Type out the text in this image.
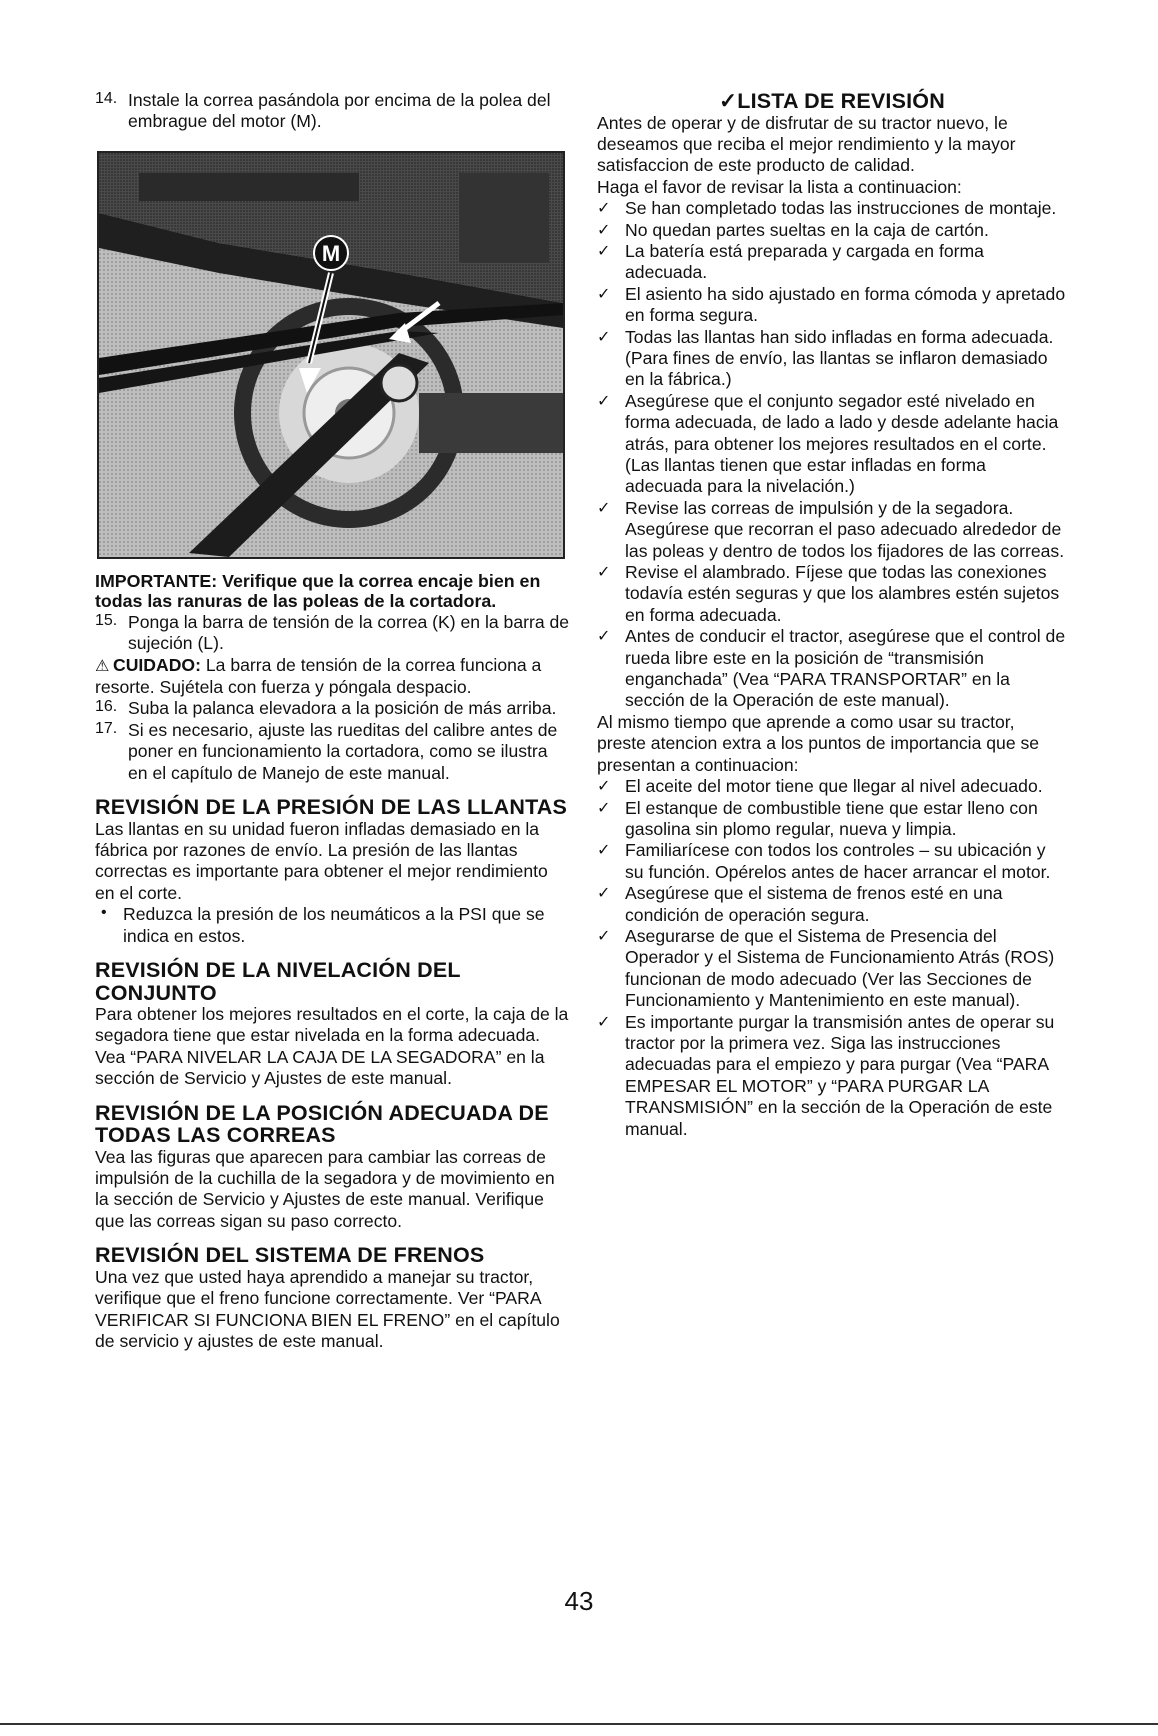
14. Instale la correa pasándola por encima de la polea del embrague del motor (M).

M

IMPORTANTE: Verifique que la correa encaje bien en todas las ranuras de las poleas de la cortadora.

15. Ponga la barra de tensión de la correa (K) en la barra de sujeción (L).

⚠ CUIDADO: La barra de tensión de la correa funciona a resorte. Sujétela con fuerza y póngala despacio.

16. Suba la palanca elevadora a la posición de más arriba.

17. Si es necesario, ajuste las rueditas del calibre antes de poner en funcionamiento la cortadora, como se ilustra en el capítulo de Manejo de este manual.

REVISIÓN DE LA PRESIÓN DE LAS LLANTAS

Las llantas en su unidad fueron infladas demasiado en la fábrica por razones de envío. La presión de las llantas correctas es importante para obtener el mejor rendimiento en el corte.

• Reduzca la presión de los neumáticos a la PSI que se indica en estos.

REVISIÓN DE LA NIVELACIÓN DEL CONJUNTO

Para obtener los mejores resultados en el corte, la caja de la segadora tiene que estar nivelada en la forma adecuada. Vea “PARA NIVELAR LA CAJA DE LA SEGADORA” en la sección de Servicio y Ajustes de este manual.

REVISIÓN DE LA POSICIÓN ADECUADA DE TODAS LAS CORREAS

Vea las figuras que aparecen para cambiar las correas de impulsión de la cuchilla de la segadora y de movimiento en la sección de Servicio y Ajustes de este manual. Verifique que las correas sigan su paso correcto.

REVISIÓN DEL SISTEMA DE FRENOS

Una vez que usted haya aprendido a manejar su tractor, verifique que el freno funcione correctamente. Ver “PARA VERIFICAR SI FUNCIONA BIEN EL FRENO” en el capítulo de servicio y ajustes de este manual.

✓LISTA DE REVISIÓN

Antes de operar y de disfrutar de su tractor nuevo, le deseamos que reciba el mejor rendimiento y la mayor satisfaccion de este producto de calidad.

Haga el favor de revisar la lista a continuacion:

✓ Se han completado todas las instrucciones de montaje.

✓ No quedan partes sueltas en la caja de cartón.

✓ La batería está preparada y cargada en forma adecuada.

✓ El asiento ha sido ajustado en forma cómoda y apretado en forma segura.

✓ Todas las llantas han sido infladas en forma adecuada. (Para fines de envío, las llantas se inflaron demasiado en la fábrica.)

✓ Asegúrese que el conjunto segador esté nivelado en forma adecuada, de lado a lado y desde adelante hacia atrás, para obtener los mejores resultados en el corte. (Las llantas tienen que estar infladas en forma adecuada para la nivelación.)

✓ Revise las correas de impulsión y de la segadora. Asegúrese que recorran el paso adecuado alrededor de las poleas y dentro de todos los fijadores de las correas.

✓ Revise el alambrado. Fíjese que todas las conexiones todavía estén seguras y que los alambres estén sujetos en forma adecuada.

✓ Antes de conducir el tractor, asegúrese que el control de rueda libre este en la posición de “transmisión enganchada” (Vea “PARA TRANSPORTAR” en la sección de la Operación de este manual).

Al mismo tiempo que aprende a como usar su tractor, preste atencion extra a los puntos de importancia que se presentan a continuacion:

✓ El aceite del motor tiene que llegar al nivel adecuado.

✓ El estanque de combustible tiene que estar lleno con gasolina sin plomo regular, nueva y limpia.

✓ Familiarícese con todos los controles – su ubicación y su función. Opérelos antes de hacer arrancar el motor.

✓ Asegúrese que el sistema de frenos esté en una condición de operación segura.

✓ Asegurarse de que el Sistema de Presencia del Operador y el Sistema de Funcionamiento Atrás (ROS) funcionan de modo adecuado (Ver las Secciones de Funcionamiento y Mantenimiento en este manual).

✓ Es importante purgar la transmisión antes de operar su tractor por la primera vez. Siga las instrucciones adecuadas para el empiezo y para purgar (Vea “PARA EMPESAR EL MOTOR” y “PARA PURGAR LA TRANSMISIÓN” en la sección de la Operación de este manual.

43
